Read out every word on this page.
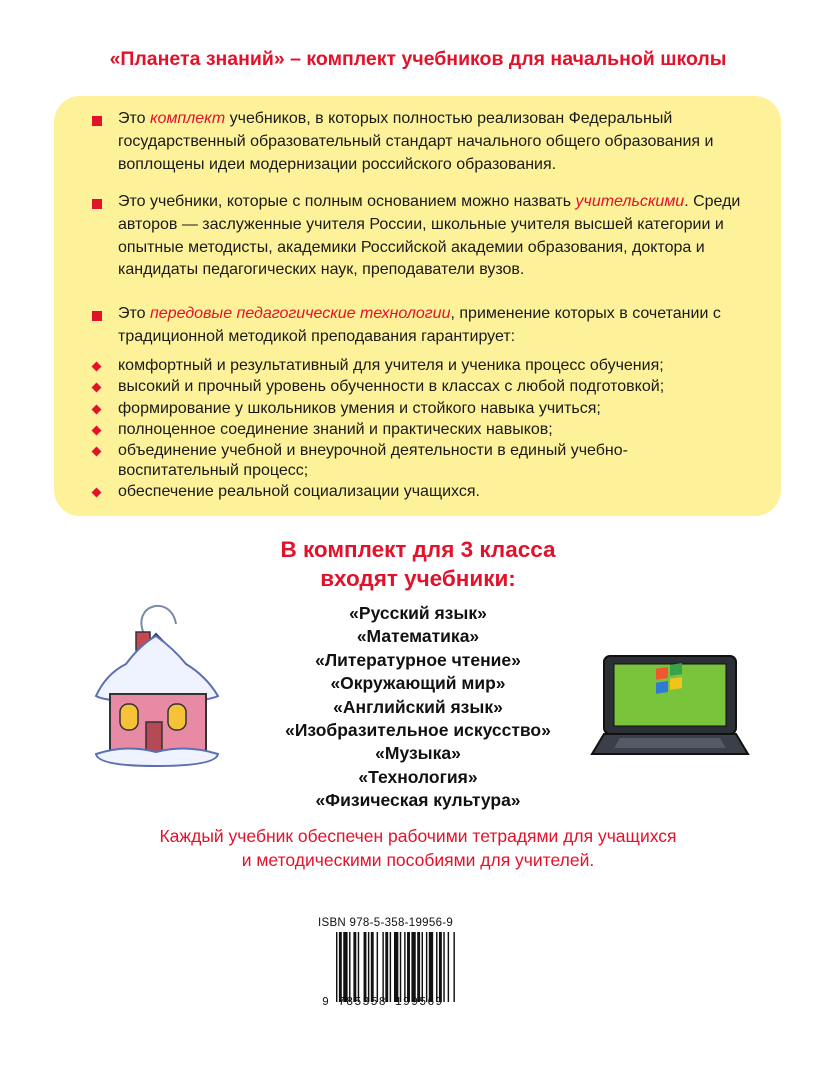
«Планета знаний» – комплект учебников для начальной школы
Это комплект учебников, в которых полностью реализован Федеральный государственный образовательный стандарт начального общего образования и воплощены идеи модернизации российского образования.
Это учебники, которые с полным основанием можно назвать учительскими. Среди авторов — заслуженные учителя России, школьные учителя высшей категории и опытные методисты, академики Российской академии образования, доктора и кандидаты педагогических наук, преподаватели вузов.
Это передовые педагогические технологии, применение которых в сочетании с традиционной методикой преподавания гарантирует:
комфортный и результативный для учителя и ученика процесс обучения;
высокий и прочный уровень обученности в классах с любой подготовкой;
формирование у школьников умения и стойкого навыка учиться;
полноценное соединение знаний и практических навыков;
объединение учебной и внеурочной деятельности в единый учебно-воспитательный процесс;
обеспечение реальной социализации учащихся.
В комплект для 3 класса
входят учебники:
«Русский язык»
«Математика»
«Литературное чтение»
«Окружающий мир»
«Английский язык»
«Изобразительное искусство»
«Музыка»
«Технология»
«Физическая культура»
Каждый учебник обеспечен рабочими тетрадями для учащихся
и методическими пособиями для учителей.
ISBN 978-5-358-19956-9
9 785358 199569
